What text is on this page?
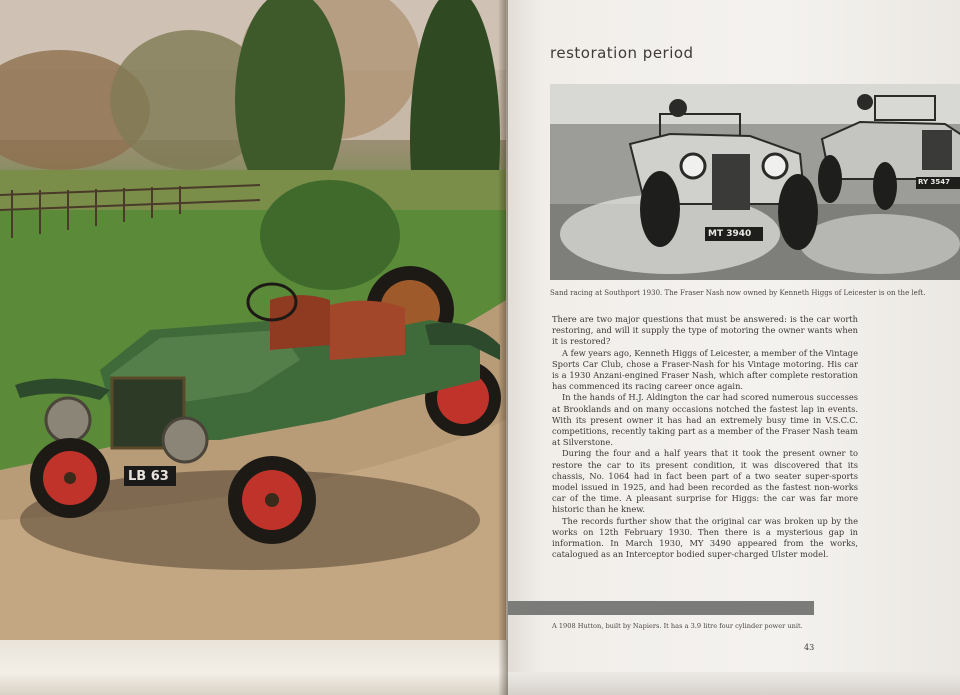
LB 63
restoration period
MT 3940
RY 3547
Sand racing at Southport 1930. The Fraser Nash now owned by Kenneth Higgs of Leicester is on the left.

There are two major questions that must be answered: is the car worth restoring, and will it supply the type of motoring the owner wants when it is restored?

A few years ago, Kenneth Higgs of Leicester, a member of the Vintage Sports Car Club, chose a Fraser-Nash for his Vintage motoring. His car is a 1930 Anzani-engined Fraser Nash, which after complete restoration has commenced its racing career once again.

In the hands of H.J. Aldington the car had scored numerous successes at Brooklands and on many occasions notched the fastest lap in events. With its present owner it has had an extremely busy time in V.S.C.C. competitions, recently taking part as a member of the Fraser Nash team at Silverstone.

During the four and a half years that it took the present owner to restore the car to its present condition, it was discovered that its chassis, No. 1064 had in fact been part of a two seater super-sports model issued in 1925, and had been recorded as the fastest non-works car of the time. A pleasant surprise for Higgs: the car was far more historic than he knew.

The records further show that the original car was broken up by the works on 12th February 1930. Then there is a mysterious gap in information. In March 1930, MY 3490 appeared from the works, catalogued as an Interceptor bodied super-charged Ulster model.

A 1908 Hutton, built by Napiers. It has a 3.9 litre four cylinder power unit.
43
